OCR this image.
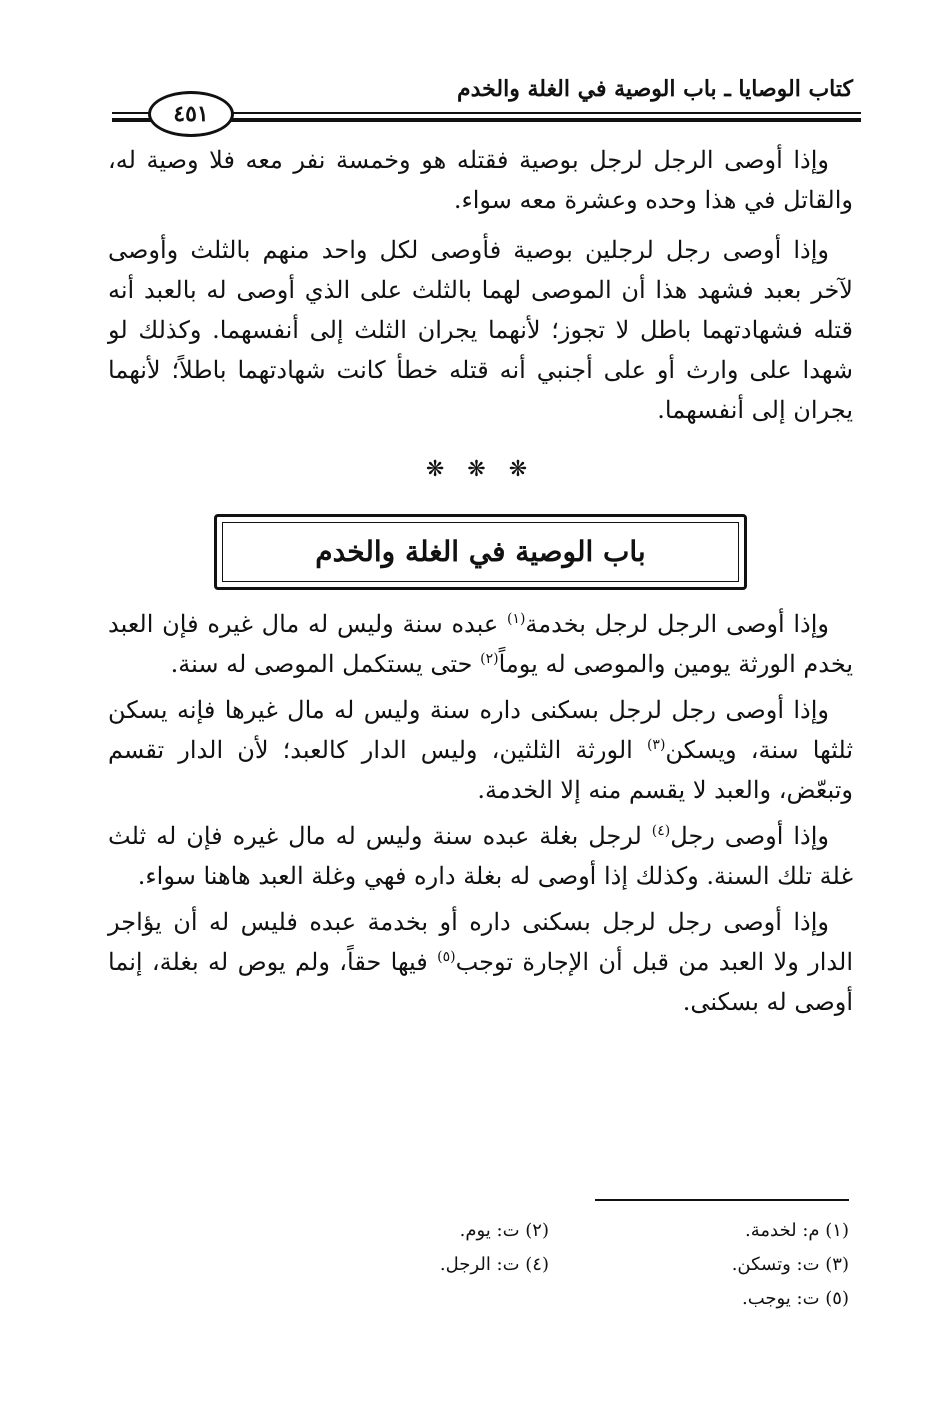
كتاب الوصايا ـ باب الوصية في الغلة والخدم
٤٥١

وإذا أوصى الرجل لرجل بوصية فقتله هو وخمسة نفر معه فلا وصية له، والقاتل في هذا وحده وعشرة معه سواء.

وإذا أوصى رجل لرجلين بوصية فأوصى لكل واحد منهم بالثلث وأوصى لآخر بعبد فشهد هذا أن الموصى لهما بالثلث على الذي أوصى له بالعبد أنه قتله فشهادتهما باطل لا تجوز؛ لأنهما يجران الثلث إلى أنفسهما. وكذلك لو شهدا على وارث أو على أجنبي أنه قتله خطأ كانت شهادتهما باطلاً؛ لأنهما يجران إلى أنفسهما.

❋ ❋ ❋
باب الوصية في الغلة والخدم

وإذا أوصى الرجل لرجل بخدمة$^{(١)}$ عبده سنة وليس له مال غيره فإن العبد يخدم الورثة يومين والموصى له يوماً$^{(٢)}$ حتى يستكمل الموصى له سنة.

وإذا أوصى رجل لرجل بسكنى داره سنة وليس له مال غيرها فإنه يسكن ثلثها سنة، ويسكن$^{(٣)}$ الورثة الثلثين، وليس الدار كالعبد؛ لأن الدار تقسم وتبعّض، والعبد لا يقسم منه إلا الخدمة.

وإذا أوصى رجل$^{(٤)}$ لرجل بغلة عبده سنة وليس له مال غيره فإن له ثلث غلة تلك السنة. وكذلك إذا أوصى له بغلة داره فهي وغلة العبد هاهنا سواء.

وإذا أوصى رجل لرجل بسكنى داره أو بخدمة عبده فليس له أن يؤاجر الدار ولا العبد من قبل أن الإجارة توجب$^{(٥)}$ فيها حقاً، ولم يوص له بغلة، إنما أوصى له بسكنى.

(١) م: لخدمة.
(٢) ت: يوم.
(٣) ت: وتسكن.
(٤) ت: الرجل.
(٥) ت: يوجب.
